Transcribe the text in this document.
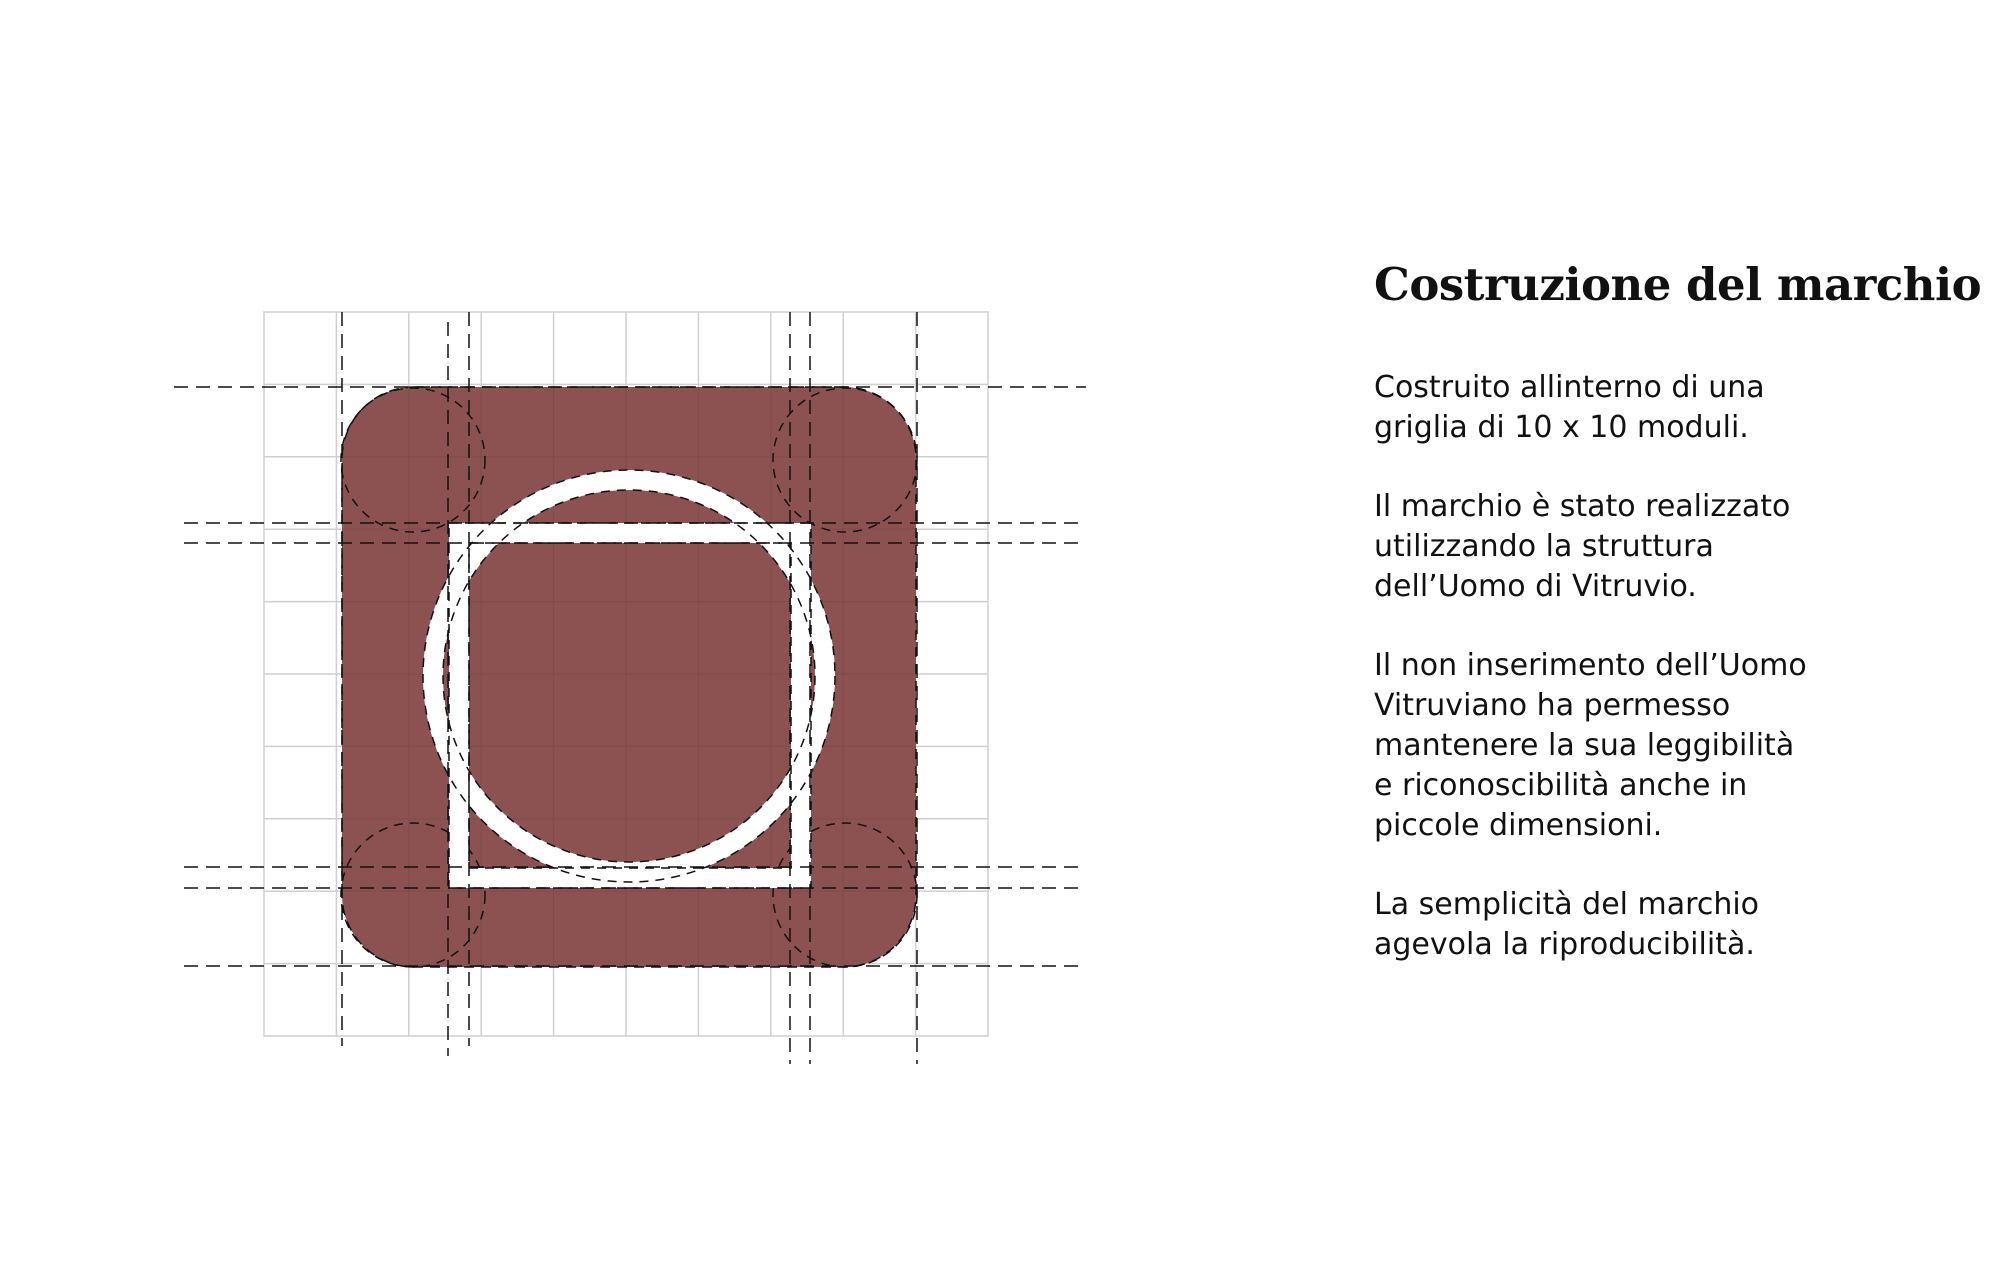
Costruzione del marchio

Costruito allinterno di una
griglia di 10 x 10 moduli.

Il marchio è stato realizzato
utilizzando la struttura
dell’Uomo di Vitruvio.

Il non inserimento dell’Uomo
Vitruviano ha permesso
mantenere la sua leggibilità
e riconoscibilità anche in
piccole dimensioni.

La semplicità del marchio
agevola la riproducibilità.
